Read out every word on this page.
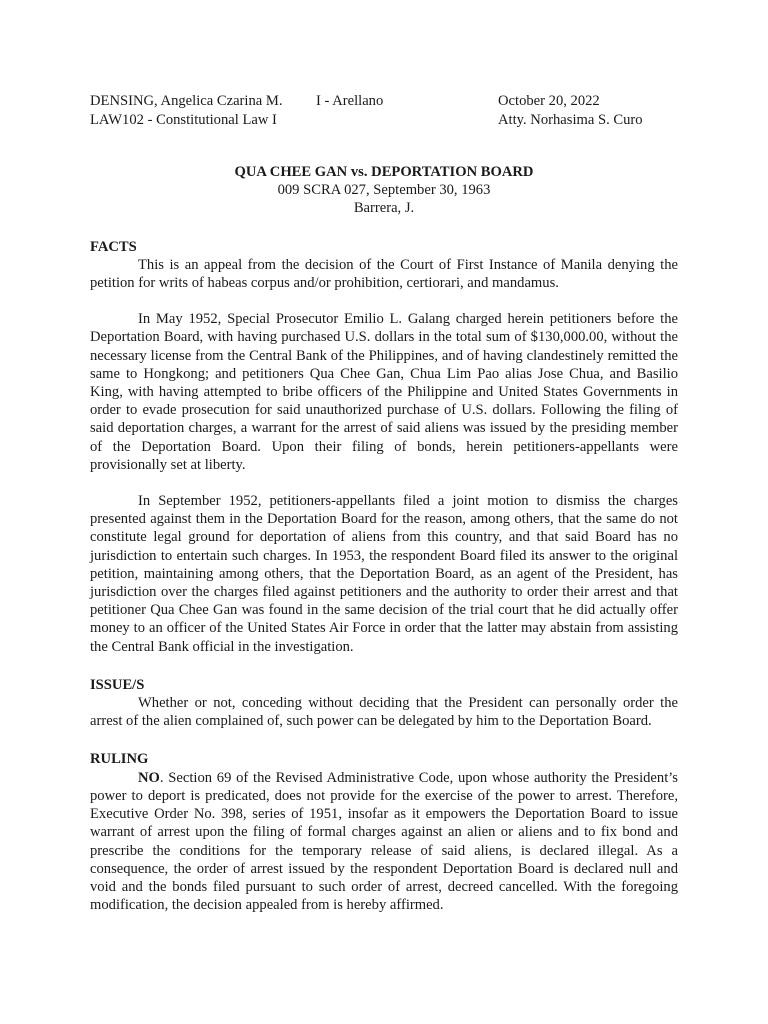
DENSING, Angelica Czarina M.	I - Arellano	October 20, 2022
LAW102 - Constitutional Law I	Atty. Norhasima S. Curo
QUA CHEE GAN vs. DEPORTATION BOARD
009 SCRA 027, September 30, 1963
Barrera, J.
FACTS

This is an appeal from the decision of the Court of First Instance of Manila denying the petition for writs of habeas corpus and/or prohibition, certiorari, and mandamus.

In May 1952, Special Prosecutor Emilio L. Galang charged herein petitioners before the Deportation Board, with having purchased U.S. dollars in the total sum of $130,000.00, without the necessary license from the Central Bank of the Philippines, and of having clandestinely remitted the same to Hongkong; and petitioners Qua Chee Gan, Chua Lim Pao alias Jose Chua, and Basilio King, with having attempted to bribe officers of the Philippine and United States Governments in order to evade prosecution for said unauthorized purchase of U.S. dollars. Following the filing of said deportation charges, a warrant for the arrest of said aliens was issued by the presiding member of the Deportation Board. Upon their filing of bonds, herein petitioners-appellants were provisionally set at liberty.

In September 1952, petitioners-appellants filed a joint motion to dismiss the charges presented against them in the Deportation Board for the reason, among others, that the same do not constitute legal ground for deportation of aliens from this country, and that said Board has no jurisdiction to entertain such charges. In 1953, the respondent Board filed its answer to the original petition, maintaining among others, that the Deportation Board, as an agent of the President, has jurisdiction over the charges filed against petitioners and the authority to order their arrest and that petitioner Qua Chee Gan was found in the same decision of the trial court that he did actually offer money to an officer of the United States Air Force in order that the latter may abstain from assisting the Central Bank official in the investigation.

ISSUE/S

Whether or not, conceding without deciding that the President can personally order the arrest of the alien complained of, such power can be delegated by him to the Deportation Board.

RULING

NO. Section 69 of the Revised Administrative Code, upon whose authority the President’s power to deport is predicated, does not provide for the exercise of the power to arrest. Therefore, Executive Order No. 398, series of 1951, insofar as it empowers the Deportation Board to issue warrant of arrest upon the filing of formal charges against an alien or aliens and to fix bond and prescribe the conditions for the temporary release of said aliens, is declared illegal. As a consequence, the order of arrest issued by the respondent Deportation Board is declared null and void and the bonds filed pursuant to such order of arrest, decreed cancelled. With the foregoing modification, the decision appealed from is hereby affirmed.
